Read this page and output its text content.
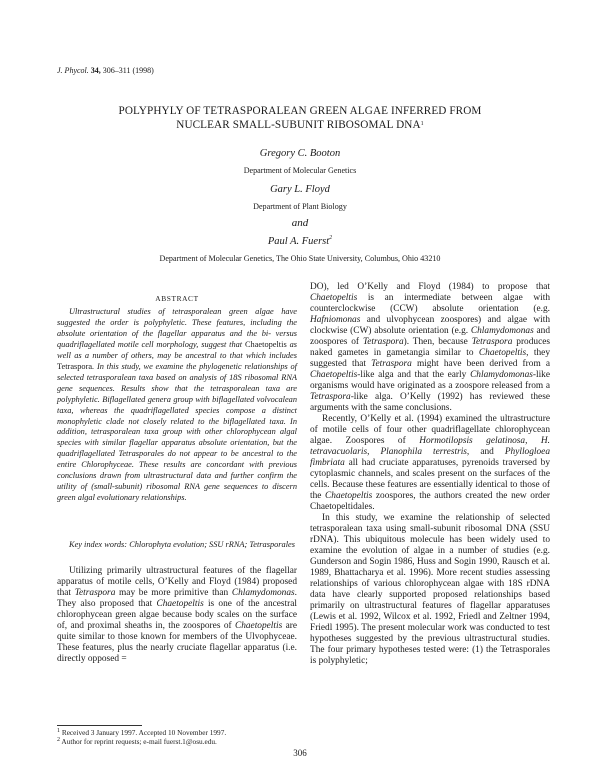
J. Phycol. 34, 306–311 (1998)
POLYPHYLY OF TETRASPORALEAN GREEN ALGAE INFERRED FROM
NUCLEAR SMALL-SUBUNIT RIBOSOMAL DNA$^1$
Gregory C. Booton
Department of Molecular Genetics
Gary L. Floyd
Department of Plant Biology
and
Paul A. Fuerst$^2$
Department of Molecular Genetics, The Ohio State University, Columbus, Ohio 43210
ABSTRACT

Ultrastructural studies of tetrasporalean green algae have suggested the order is polyphyletic. These features, including the absolute orientation of the flagellar apparatus and the bi- versus quadriflagellated motile cell morphology, suggest that Chaetopeltis as well as a number of others, may be ancestral to that which includes Tetraspora. In this study, we examine the phylogenetic relationships of selected tetrasporalean taxa based on analysis of 18S ribosomal RNA gene sequences. Results show that the tetrasporalean taxa are polyphyletic. Biflagellated genera group with biflagellated volvocalean taxa, whereas the quadriflagellated species compose a distinct monophyletic clade not closely related to the biflagellated taxa. In addition, tetrasporalean taxa group with other chlorophycean algal species with similar flagellar apparatus absolute orientation, but the quadriflagellated Tetrasporales do not appear to be ancestral to the entire Chlorophyceae. These results are concordant with previous conclusions drawn from ultrastructural data and further confirm the utility of (small-subunit) ribosomal RNA gene sequences to discern green algal evolutionary relationships.

Key index words: Chlorophyta evolution; SSU rRNA; Tetrasporales

Utilizing primarily ultrastructural features of the flagellar apparatus of motile cells, O’Kelly and Floyd (1984) proposed that Tetraspora may be more primitive than Chlamydomonas. They also proposed that Chaetopeltis is one of the ancestral chlorophycean green algae because body scales on the surface of, and proximal sheaths in, the zoospores of Chaetopeltis are quite similar to those known for members of the Ulvophyceae. These features, plus the nearly cruciate flagellar apparatus (i.e. directly opposed =

$^1$ Received 3 January 1997. Accepted 10 November 1997.
$^2$ Author for reprint requests; e-mail fuerst.1@osu.edu.

DO), led O’Kelly and Floyd (1984) to propose that Chaetopeltis is an intermediate between algae with counterclockwise (CCW) absolute orientation (e.g. Hafniomonas and ulvophycean zoospores) and algae with clockwise (CW) absolute orientation (e.g. Chlamydomonas and zoospores of Tetraspora). Then, because Tetraspora produces naked gametes in gametangia similar to Chaetopeltis, they suggested that Tetraspora might have been derived from a Chaetopeltis-like alga and that the early Chlamydomonas-like organisms would have originated as a zoospore released from a Tetraspora-like alga. O’Kelly (1992) has reviewed these arguments with the same conclusions.

Recently, O’Kelly et al. (1994) examined the ultrastructure of motile cells of four other quadriflagellate chlorophycean algae. Zoospores of Hormotilopsis gelatinosa, H. tetravacuolaris, Planophila terrestris, and Phyllogloea fimbriata all had cruciate apparatuses, pyrenoids traversed by cytoplasmic channels, and scales present on the surfaces of the cells. Because these features are essentially identical to those of the Chaetopeltis zoospores, the authors created the new order Chaetopeltidales.

In this study, we examine the relationship of selected tetrasporalean taxa using small-subunit ribosomal DNA (SSU rDNA). This ubiquitous molecule has been widely used to examine the evolution of algae in a number of studies (e.g. Gunderson and Sogin 1986, Huss and Sogin 1990, Rausch et al. 1989, Bhattacharya et al. 1996). More recent studies assessing relationships of various chlorophycean algae with 18S rDNA data have clearly supported proposed relationships based primarily on ultrastructural features of flagellar apparatuses (Lewis et al. 1992, Wilcox et al. 1992, Friedl and Zeltner 1994, Friedl 1995). The present molecular work was conducted to test hypotheses suggested by the previous ultrastructural studies. The four primary hypotheses tested were: (1) the Tetrasporales is polyphyletic;

306
